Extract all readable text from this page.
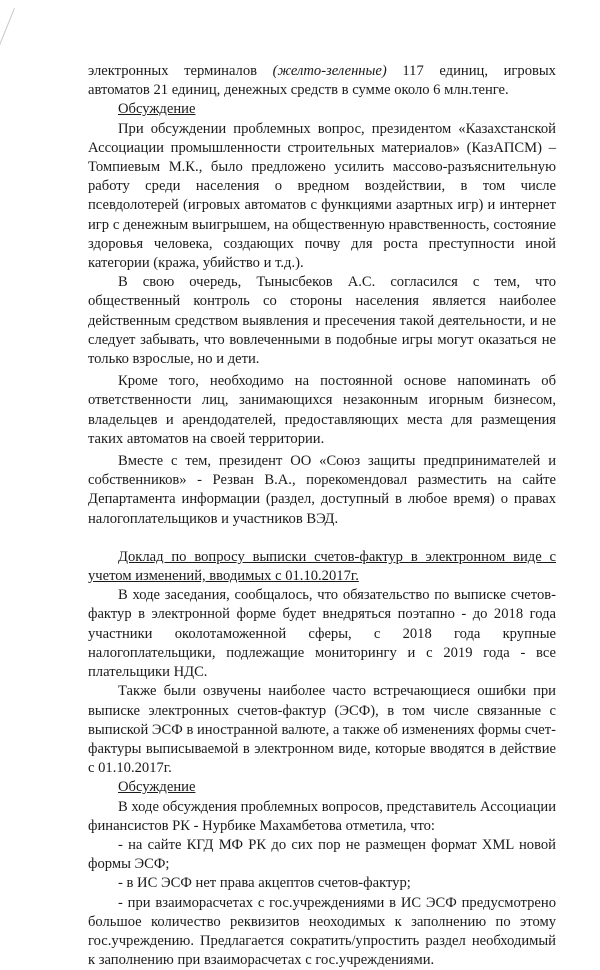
электронных терминалов (желто-зеленные) 117 единиц, игровых автоматов 21 единиц, денежных средств в сумме около 6 млн.тенге.

Обсуждение

При обсуждении проблемных вопрос, президентом «Казахстанской Ассоциации промышленности строительных материалов» (КазАПСМ) – Томпиевым М.К., было предложено усилить массово-разъяснительную работу среди населения о вредном воздействии, в том числе псевдолотерей (игровых автоматов с функциями азартных игр) и интернет игр с денежным выигрышем, на общественную нравственность, состояние здоровья человека, создающих почву для роста преступности иной категории (кража, убийство и т.д.).

В свою очередь, Тыныcбеков А.С. согласился с тем, что общественный контроль со стороны населения является наиболее действенным средством выявления и пресечения такой деятельности, и не следует забывать, что вовлеченными в подобные игры могут оказаться не только взрослые, но и дети.

Кроме того, необходимо на постоянной основе напоминать об ответственности лиц, занимающихся незаконным игорным бизнесом, владельцев и арендодателей, предоставляющих места для размещения таких автоматов на своей территории.

Вместе с тем, президент ОО «Союз защиты предпринимателей и собственников» - Резван В.А., порекомендовал разместить на сайте Департамента информации (раздел, доступный в любое время) о правах налогоплательщиков и участников ВЭД.

Доклад по вопросу выписки счетов-фактур в электронном виде с учетом изменений, вводимых с 01.10.2017г.

В ходе заседания, сообщалось, что обязательство по выписке счетов-фактур в электронной форме будет внедряться поэтапно - до 2018 года участники околотаможенной сферы, с 2018 года крупные налогоплательщики, подлежащие мониторингу и с 2019 года - все плательщики НДС.

Также были озвучены наиболее часто встречающиеся ошибки при выписке электронных счетов-фактур (ЭСФ), в том числе связанные с выпиской ЭСФ в иностранной валюте, а также об изменениях формы счет-фактуры выписываемой в электронном виде, которые вводятся в действие с 01.10.2017г.

Обсуждение

В ходе обсуждения проблемных вопросов, представитель Ассоциации финансистов РК - Нурбике Махамбетова отметила, что:

- на сайте КГД МФ РК до сих пор не размещен формат XML новой формы ЭСФ;

- в ИС ЭСФ нет права акцептов счетов-фактур;

- при взаиморасчетах с гос.учреждениями в ИС ЭСФ предусмотрено большое количество реквизитов неоходимых к заполнению по этому гос.учреждению. Предлагается сократить/упростить раздел необходимый к заполнению при взаиморасчетах с гос.учреждениями.
